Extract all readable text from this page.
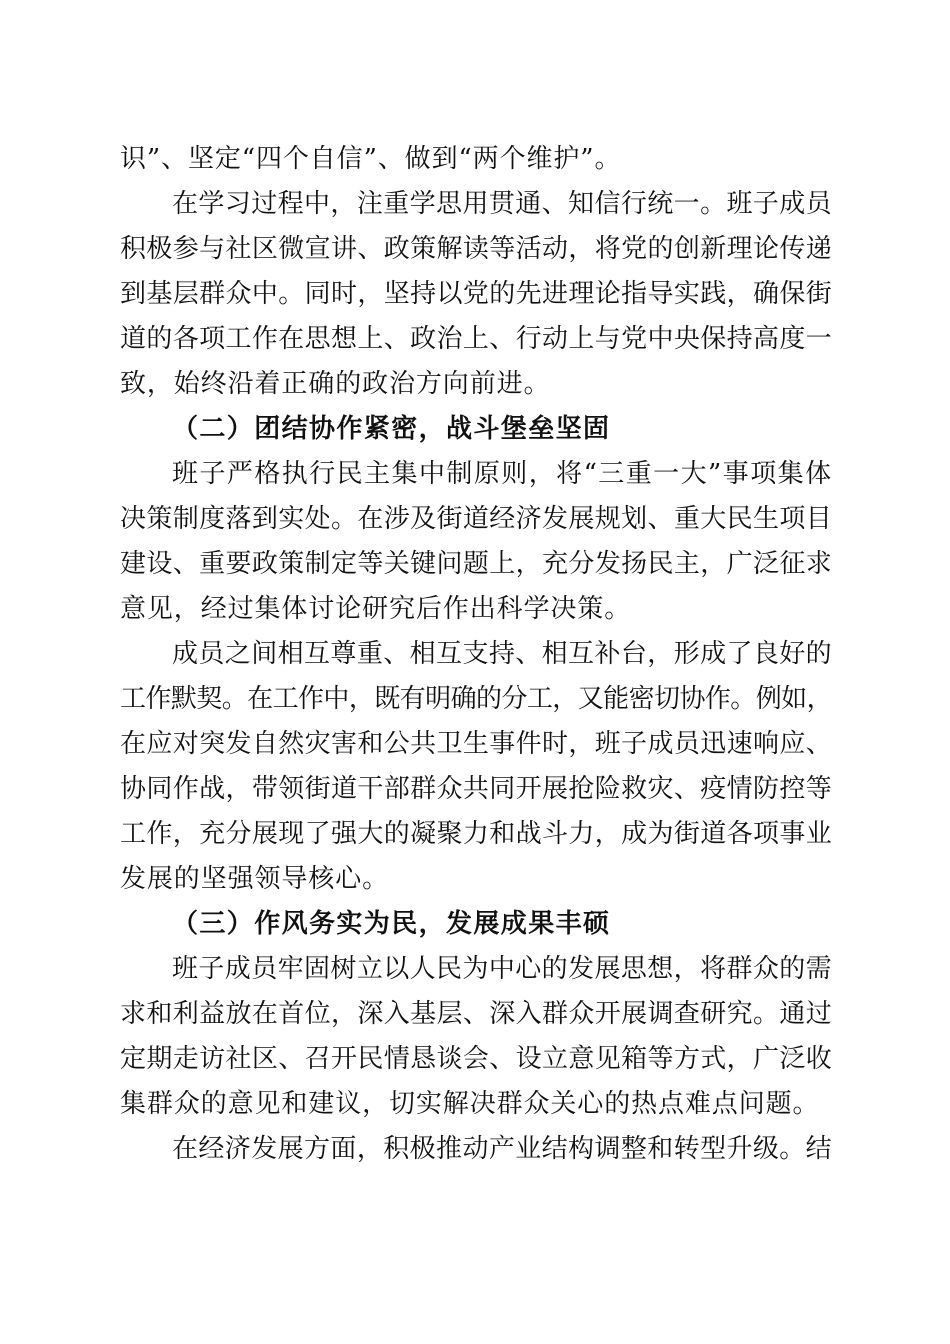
识”、坚定“四个自信”、做到“两个维护”。
在学习过程中，注重学思用贯通、知信行统一。班子成员
积极参与社区微宣讲、政策解读等活动，将党的创新理论传递
到基层群众中。同时，坚持以党的先进理论指导实践，确保街
道的各项工作在思想上、政治上、行动上与党中央保持高度一
致，始终沿着正确的政治方向前进。
（二）团结协作紧密，战斗堡垒坚固
班子严格执行民主集中制原则，将“三重一大”事项集体
决策制度落到实处。在涉及街道经济发展规划、重大民生项目
建设、重要政策制定等关键问题上，充分发扬民主，广泛征求
意见，经过集体讨论研究后作出科学决策。
成员之间相互尊重、相互支持、相互补台，形成了良好的
工作默契。在工作中，既有明确的分工，又能密切协作。例如，
在应对突发自然灾害和公共卫生事件时，班子成员迅速响应、
协同作战，带领街道干部群众共同开展抢险救灾、疫情防控等
工作，充分展现了强大的凝聚力和战斗力，成为街道各项事业
发展的坚强领导核心。
（三）作风务实为民，发展成果丰硕
班子成员牢固树立以人民为中心的发展思想，将群众的需
求和利益放在首位，深入基层、深入群众开展调查研究。通过
定期走访社区、召开民情恳谈会、设立意见箱等方式，广泛收
集群众的意见和建议，切实解决群众关心的热点难点问题。
在经济发展方面，积极推动产业结构调整和转型升级。结
